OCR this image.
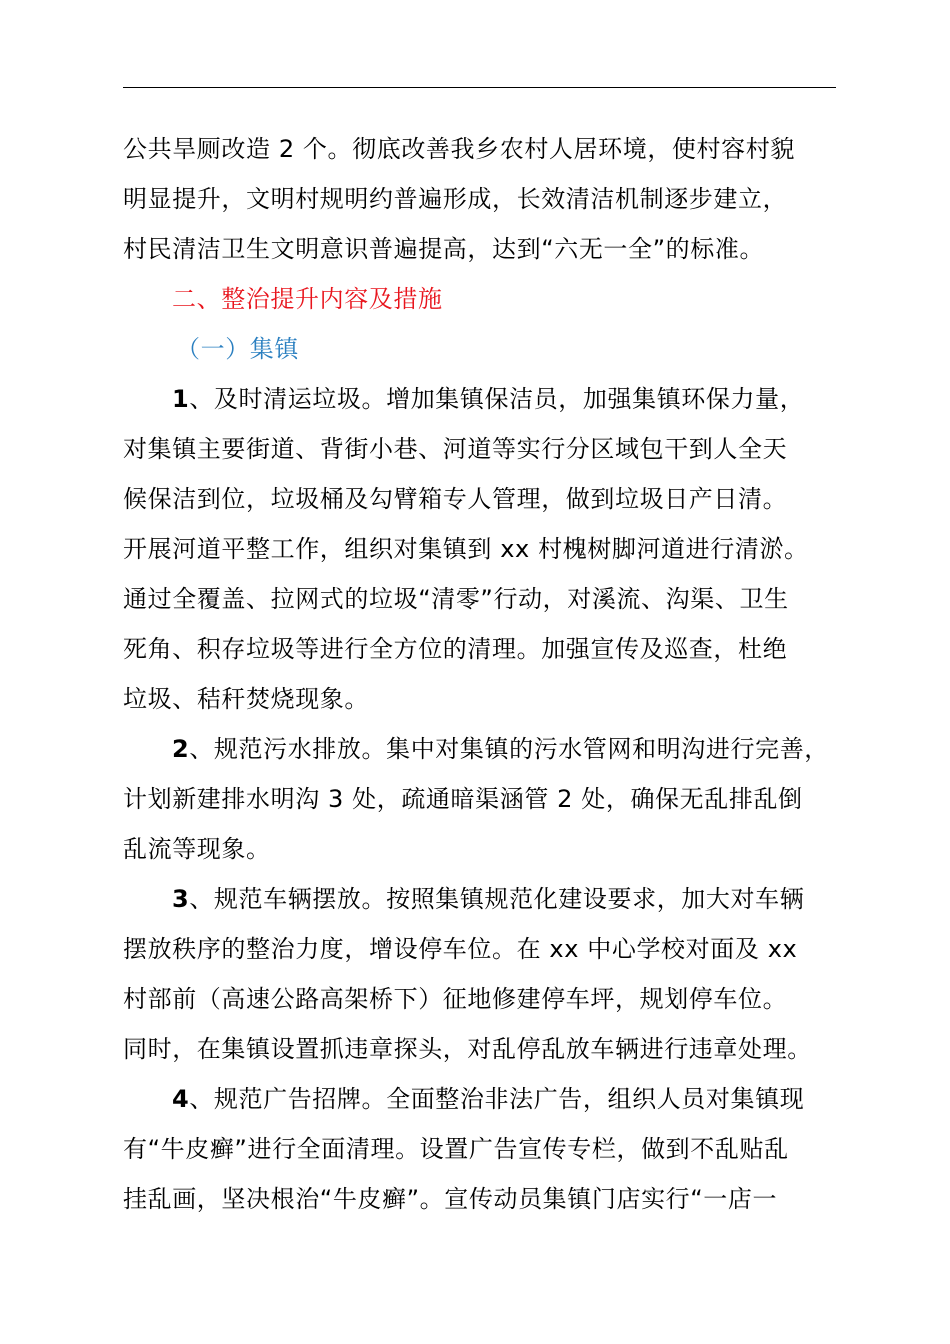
公共旱厕改造 2 个。彻底改善我乡农村人居环境，使村容村貌
明显提升，文明村规明约普遍形成，长效清洁机制逐步建立，
村民清洁卫生文明意识普遍提高，达到“六无一全”的标准。
二、整治提升内容及措施
（一）集镇
1、及时清运垃圾。增加集镇保洁员，加强集镇环保力量，
对集镇主要街道、背街小巷、河道等实行分区域包干到人全天
候保洁到位，垃圾桶及勾臂箱专人管理，做到垃圾日产日清。
开展河道平整工作，组织对集镇到 xx 村槐树脚河道进行清淤。
通过全覆盖、拉网式的垃圾“清零”行动，对溪流、沟渠、卫生
死角、积存垃圾等进行全方位的清理。加强宣传及巡查，杜绝
垃圾、秸秆焚烧现象。
2、规范污水排放。集中对集镇的污水管网和明沟进行完善，
计划新建排水明沟 3 处，疏通暗渠涵管 2 处，确保无乱排乱倒
乱流等现象。
3、规范车辆摆放。按照集镇规范化建设要求，加大对车辆
摆放秩序的整治力度，增设停车位。在 xx 中心学校对面及 xx
村部前（高速公路高架桥下）征地修建停车坪，规划停车位。
同时，在集镇设置抓违章探头，对乱停乱放车辆进行违章处理。
4、规范广告招牌。全面整治非法广告，组织人员对集镇现
有“牛皮癣”进行全面清理。设置广告宣传专栏，做到不乱贴乱
挂乱画，坚决根治“牛皮癣”。宣传动员集镇门店实行“一店一
